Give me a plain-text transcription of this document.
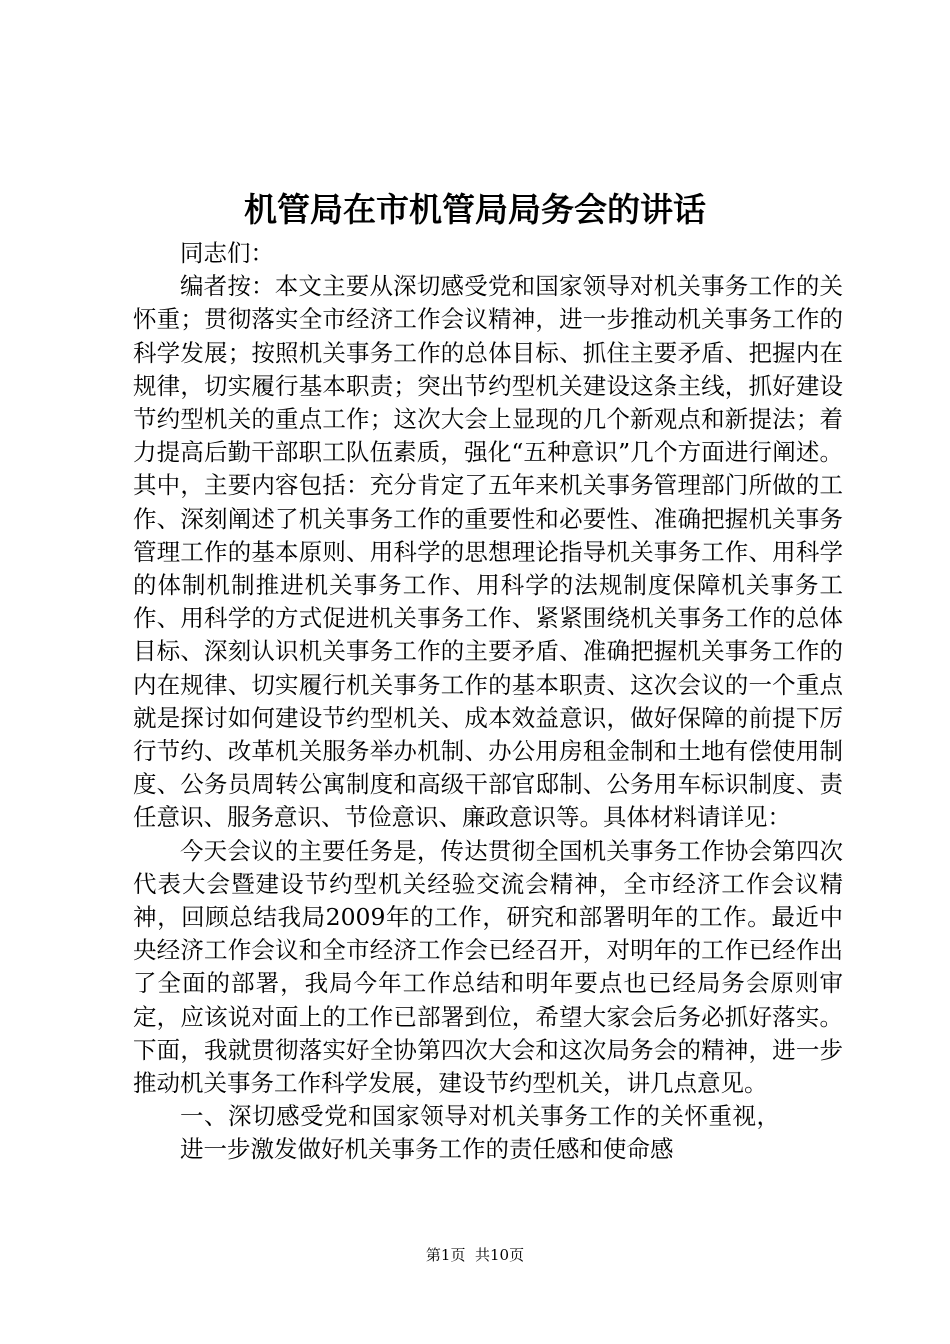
机管局在市机管局局务会的讲话

同志们：

编者按：本文主要从深切感受党和国家领导对机关事务工作的关怀重；贯彻落实全市经济工作会议精神，进一步推动机关事务工作的科学发展；按照机关事务工作的总体目标、抓住主要矛盾、把握内在规律，切实履行基本职责；突出节约型机关建设这条主线，抓好建设节约型机关的重点工作；这次大会上显现的几个新观点和新提法；着力提高后勤干部职工队伍素质，强化“五种意识”几个方面进行阐述。其中，主要内容包括：充分肯定了五年来机关事务管理部门所做的工作、深刻阐述了机关事务工作的重要性和必要性、准确把握机关事务管理工作的基本原则、用科学的思想理论指导机关事务工作、用科学的体制机制推进机关事务工作、用科学的法规制度保障机关事务工作、用科学的方式促进机关事务工作、紧紧围绕机关事务工作的总体目标、深刻认识机关事务工作的主要矛盾、准确把握机关事务工作的内在规律、切实履行机关事务工作的基本职责、这次会议的一个重点就是探讨如何建设节约型机关、成本效益意识，做好保障的前提下厉行节约、改革机关服务举办机制、办公用房租金制和土地有偿使用制度、公务员周转公寓制度和高级干部官邸制、公务用车标识制度、责任意识、服务意识、节俭意识、廉政意识等。具体材料请详见：

今天会议的主要任务是，传达贯彻全国机关事务工作协会第四次代表大会暨建设节约型机关经验交流会精神，全市经济工作会议精神，回顾总结我局2009年的工作，研究和部署明年的工作。最近中央经济工作会议和全市经济工作会已经召开，对明年的工作已经作出了全面的部署，我局今年工作总结和明年要点也已经局务会原则审定，应该说对面上的工作已部署到位，希望大家会后务必抓好落实。下面，我就贯彻落实好全协第四次大会和这次局务会的精神，进一步推动机关事务工作科学发展，建设节约型机关，讲几点意见。

一、深切感受党和国家领导对机关事务工作的关怀重视，进一步激发做好机关事务工作的责任感和使命感

第1页 共10页
